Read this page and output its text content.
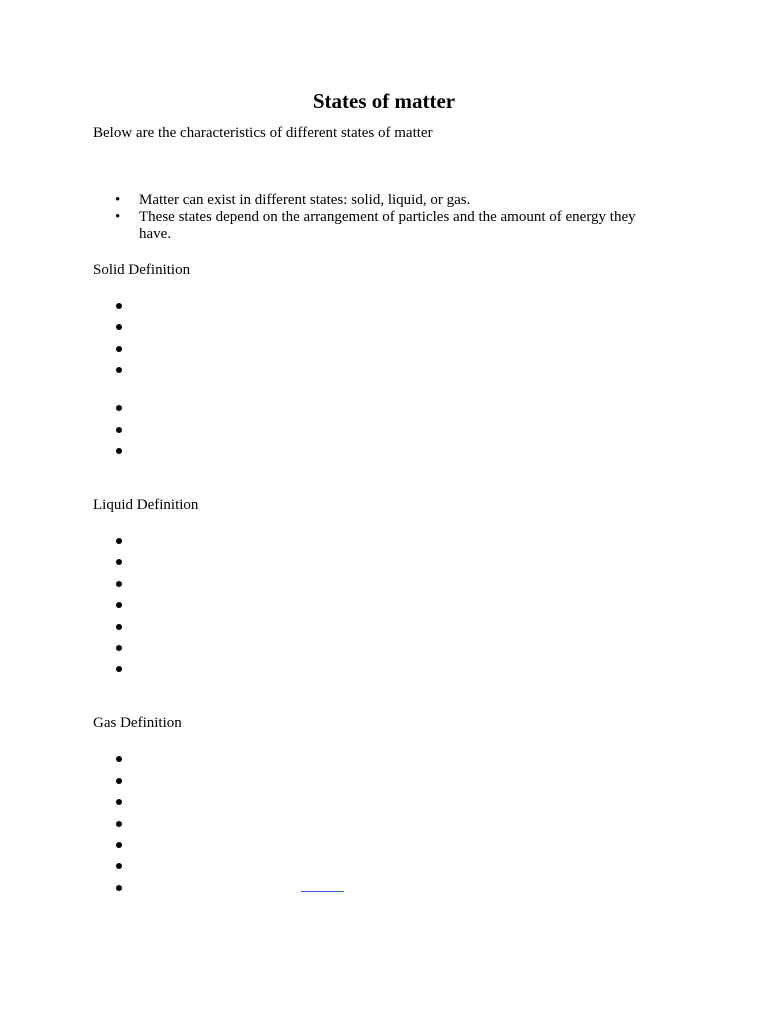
States of matter
Below are the characteristics of different states of matter
• Matter can exist in different states: solid, liquid, or gas.
• These states depend on the arrangement of particles and the amount of energy they have.
Solid Definition
Liquid Definition
Gas Definition
